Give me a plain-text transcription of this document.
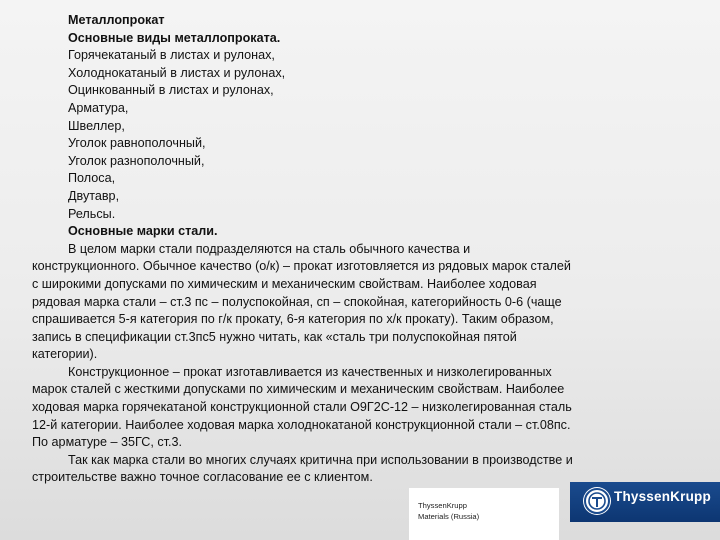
Металлопрокат
Основные виды металлопроката.
Горячекатаный в листах и рулонах,
Холоднокатаный в листах и рулонах,
Оцинкованный в листах и рулонах,
Арматура,
Швеллер,
Уголок равнополочный,
Уголок разнополочный,
Полоса,
Двутавр,
Рельсы.
Основные марки стали.
В целом марки стали подразделяются на сталь обычного качества и
конструкционного. Обычное качество (о/к) – прокат изготовляется из рядовых марок сталей
с широкими допусками по химическим и механическим свойствам. Наиболее ходовая
рядовая марка стали – ст.3 пс – полуспокойная, сп – спокойная, категорийность 0-6 (чаще
спрашивается 5-я категория по г/к прокату, 6-я категория по х/к прокату). Таким образом,
запись в спецификации ст.3пс5 нужно читать, как «сталь три полуспокойная пятой
категории).
Конструкционное – прокат изготавливается из качественных и низколегированных
марок сталей с жесткими допусками по химическим и механическим свойствам. Наиболее
ходовая марка горячекатаной конструкционной стали О9Г2С-12 – низколегированная сталь
12-й категории. Наиболее ходовая марка холоднокатаной конструкционной стали – ст.08пс.
По арматуре – 35ГС, ст.3.
Так как марка стали во многих случаях критична при использовании в производстве и
строительстве важно точное согласование ее с клиентом.
ThyssenKrupp
Materials (Russia)
ThyssenKrupp
